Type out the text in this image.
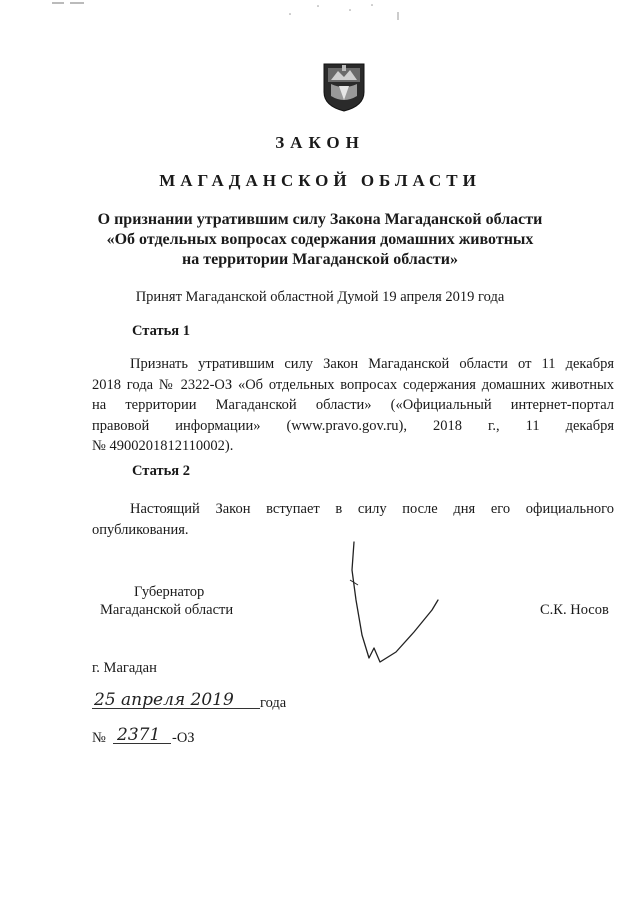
ЗАКОН
МАГАДАНСКОЙ ОБЛАСТИ
О признании утратившим силу Закона Магаданской области
«Об отдельных вопросах содержания домашних животных
на территории Магаданской области»
Принят Магаданской областной Думой 19 апреля 2019 года
Статья 1
Признать утратившим силу Закон Магаданской области от 11 декабря
2018 года № 2322-ОЗ «Об отдельных вопросах содержания домашних животных
на территории Магаданской области» («Официальный интернет-портал
правовой информации» (www.pravo.gov.ru), 2018 г., 11 декабря
№ 4900201812110002).
Статья 2
Настоящий Закон вступает в силу после дня его официального
опубликования.
Губернатор
Магаданской области	С.К. Носов
г. Магадан
25 апреля 2019 года
№ 2371 -ОЗ
